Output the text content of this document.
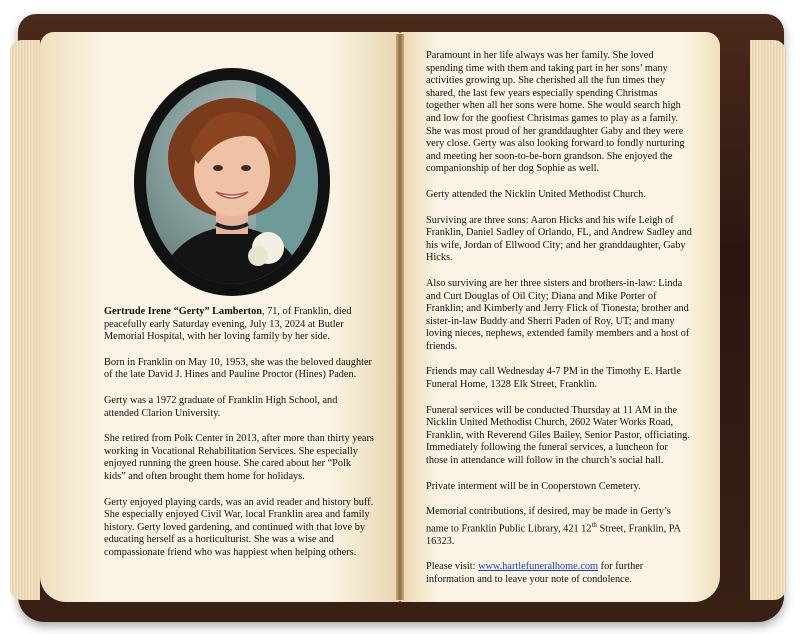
Gertrude Irene “Gerty” Lamberton, 71, of Franklin, died peacefully early Saturday evening, July 13, 2024 at Butler Memorial Hospital, with her loving family by her side.

Born in Franklin on May 10, 1953, she was the beloved daughter of the late David J. Hines and Pauline Proctor (Hines) Paden.

Gerty was a 1972 graduate of Franklin High School, and attended Clarion University.

She retired from Polk Center in 2013, after more than thirty years working in Vocational Rehabilitation Services. She especially enjoyed running the green house. She cared about her “Polk kids” and often brought them home for holidays.

Gerty enjoyed playing cards, was an avid reader and history buff. She especially enjoyed Civil War, local Franklin area and family history. Gerty loved gardening, and continued with that love by educating herself as a horticulturist. She was a wise and compassionate friend who was happiest when helping others.

Paramount in her life always was her family. She loved spending time with them and taking part in her sons’ many activities growing up. She cherished all the fun times they shared, the last few years especially spending Christmas together when all her sons were home. She would search high and low for the goofiest Christmas games to play as a family. She was most proud of her granddaughter Gaby and they were very close. Gerty was also looking forward to fondly nurturing and meeting her soon-to-be-born grandson. She enjoyed the companionship of her dog Sophie as well.

Gerty attended the Nicklin United Methodist Church.

Surviving are three sons: Aaron Hicks and his wife Leigh of Franklin, Daniel Sadley of Orlando, FL, and Andrew Sadley and his wife, Jordan of Ellwood City; and her granddaughter, Gaby Hicks.

Also surviving are her three sisters and brothers-in-law: Linda and Curt Douglas of Oil City; Diana and Mike Porter of Franklin; and Kimberly and Jerry Flick of Tionesta; brother and sister-in-law Buddy and Sherri Paden of Roy, UT; and many loving nieces, nephews, extended family members and a host of friends.

Friends may call Wednesday 4-7 PM in the Timothy E. Hartle Funeral Home, 1328 Elk Street, Franklin.

Funeral services will be conducted Thursday at 11 AM in the Nicklin United Methodist Church, 2602 Water Works Road, Franklin, with Reverend Giles Bailey, Senior Pastor, officiating. Immediately following the funeral services, a luncheon for those in attendance will follow in the church’s social hall.

Private interment will be in Cooperstown Cemetery.

Memorial contributions, if desired, may be made in Gerty’s name to Franklin Public Library, 421 12th Street, Franklin, PA 16323.

Please visit: www.hartlefuneralhome.com for further information and to leave your note of condolence.
